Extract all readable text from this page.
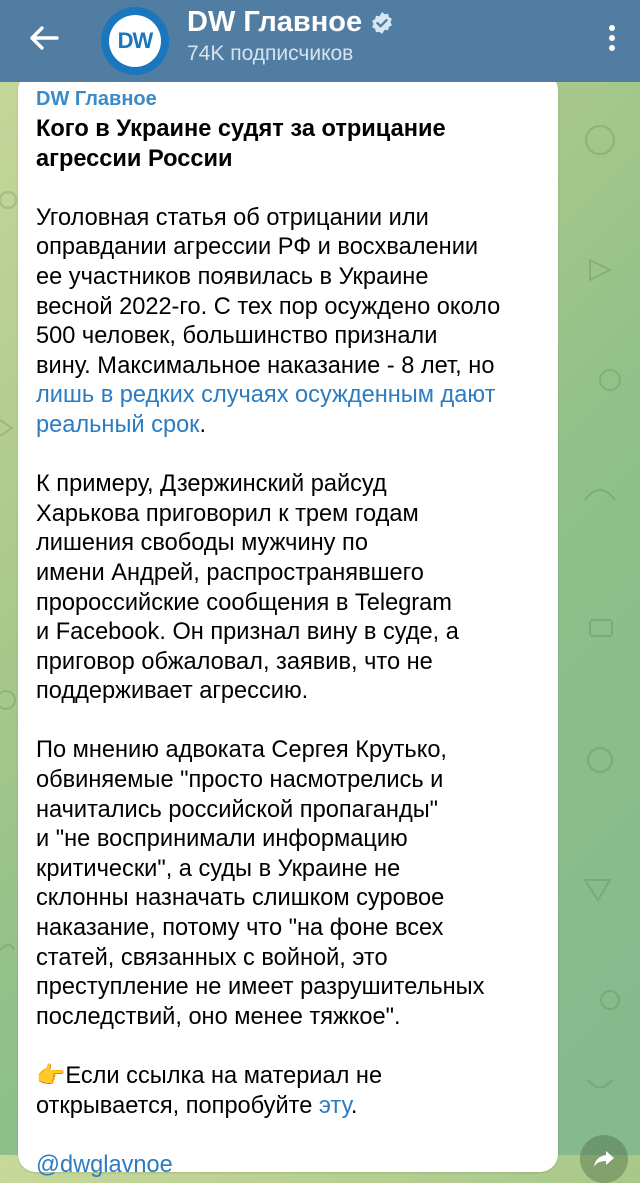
DW
DW Главное
74K подписчиков
DW Главное
Кого в Украине судят за отрицание
агрессии России
Уголовная статья об отрицании или
оправдании агрессии РФ и восхвалении
ее участников появилась в Украине
весной 2022-го. С тех пор осуждено около
500 человек, большинство признали
вину. Максимальное наказание - 8 лет, но
лишь в редких случаях осужденным дают
реальный срок.
К примеру, Дзержинский райсуд
Харькова приговорил к трем годам
лишения свободы мужчину по
имени Андрей, распространявшего
пророссийские сообщения в Telegram
и Facebook. Он признал вину в суде, а
приговор обжаловал, заявив, что не
поддерживает агрессию.
По мнению адвоката Сергея Крутько,
обвиняемые "просто насмотрелись и
начитались российской пропаганды"
и "не воспринимали информацию
критически", а суды в Украине не
склонны назначать слишком суровое
наказание, потому что "на фоне всех
статей, связанных с войной, это
преступление не имеет разрушительных
последствий, оно менее тяжкое".
👉Если ссылка на материал не
открывается, попробуйте эту.
@dwglavnoe
